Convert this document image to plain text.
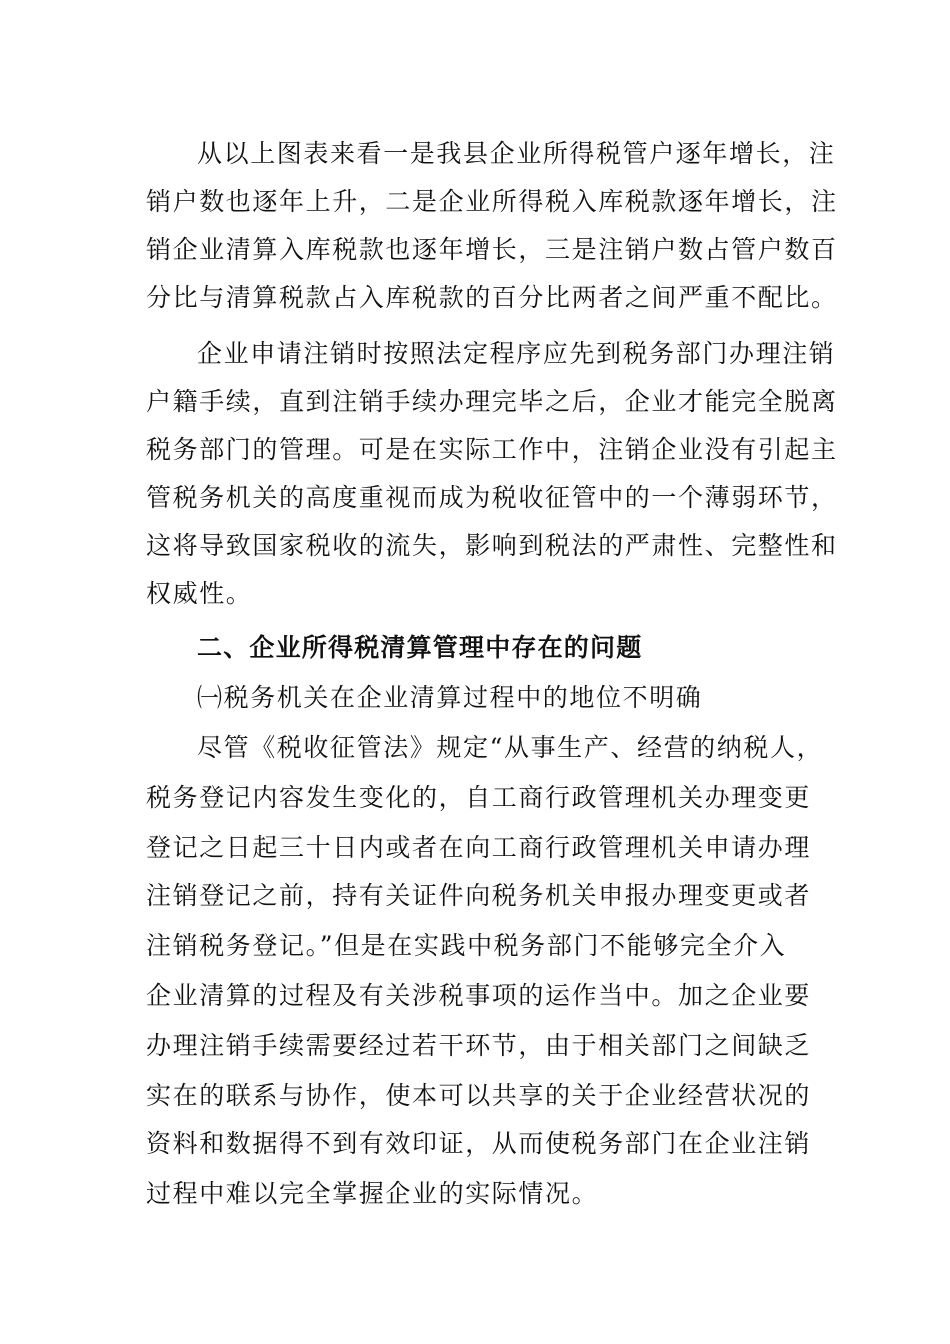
从以上图表来看一是我县企业所得税管户逐年增长，注
销户数也逐年上升，二是企业所得税入库税款逐年增长，注
销企业清算入库税款也逐年增长，三是注销户数占管户数百
分比与清算税款占入库税款的百分比两者之间严重不配比。
企业申请注销时按照法定程序应先到税务部门办理注销
户籍手续，直到注销手续办理完毕之后，企业才能完全脱离
税务部门的管理。可是在实际工作中，注销企业没有引起主
管税务机关的高度重视而成为税收征管中的一个薄弱环节，
这将导致国家税收的流失，影响到税法的严肃性、完整性和
权威性。
二、企业所得税清算管理中存在的问题
㈠税务机关在企业清算过程中的地位不明确
尽管《税收征管法》规定“从事生产、经营的纳税人，
税务登记内容发生变化的，自工商行政管理机关办理变更
登记之日起三十日内或者在向工商行政管理机关申请办理
注销登记之前，持有关证件向税务机关申报办理变更或者
注销税务登记。”但是在实践中税务部门不能够完全介入
企业清算的过程及有关涉税事项的运作当中。加之企业要
办理注销手续需要经过若干环节，由于相关部门之间缺乏
实在的联系与协作，使本可以共享的关于企业经营状况的
资料和数据得不到有效印证，从而使税务部门在企业注销
过程中难以完全掌握企业的实际情况。
